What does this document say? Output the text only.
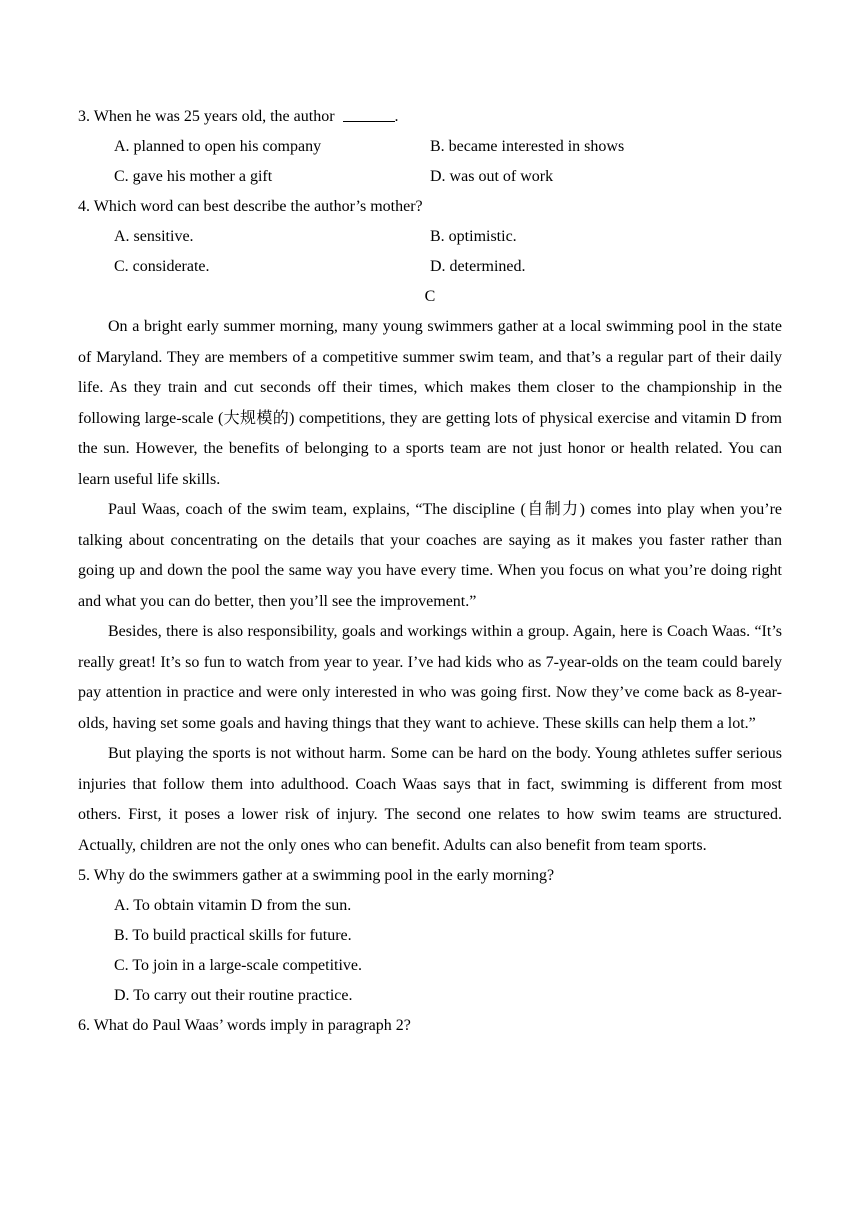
3. When he was 25 years old, the author	.
A. planned to open his company	B. became interested in shows
C. gave his mother a gift	D. was out of work
4. Which word can best describe the author’s mother?
A. sensitive.	B. optimistic.
C. considerate.	D. determined.
C

On a bright early summer morning, many young swimmers gather at a local swimming pool in the state of Maryland. They are members of a competitive summer swim team, and that’s a regular part of their daily life. As they train and cut seconds off their times, which makes them closer to the championship in the following large-scale (大规模的) competitions, they are getting lots of physical exercise and vitamin D from the sun. However, the benefits of belonging to a sports team are not just honor or health related. You can learn useful life skills.

Paul Waas, coach of the swim team, explains, “The discipline (自制力) comes into play when you’re talking about concentrating on the details that your coaches are saying as it makes you faster rather than going up and down the pool the same way you have every time. When you focus on what you’re doing right and what you can do better, then you’ll see the improvement.”

Besides, there is also responsibility, goals and workings within a group. Again, here is Coach Waas. “It’s really great! It’s so fun to watch from year to year. I’ve had kids who as 7-year-olds on the team could barely pay attention in practice and were only interested in who was going first. Now they’ve come back as 8-year-olds, having set some goals and having things that they want to achieve. These skills can help them a lot.”

But playing the sports is not without harm. Some can be hard on the body. Young athletes suffer serious injuries that follow them into adulthood. Coach Waas says that in fact, swimming is different from most others. First, it poses a lower risk of injury. The second one relates to how swim teams are structured. Actually, children are not the only ones who can benefit. Adults can also benefit from team sports.

5. Why do the swimmers gather at a swimming pool in the early morning?
A. To obtain vitamin D from the sun.
B. To build practical skills for future.
C. To join in a large-scale competitive.
D. To carry out their routine practice.
6. What do Paul Waas’ words imply in paragraph 2?
